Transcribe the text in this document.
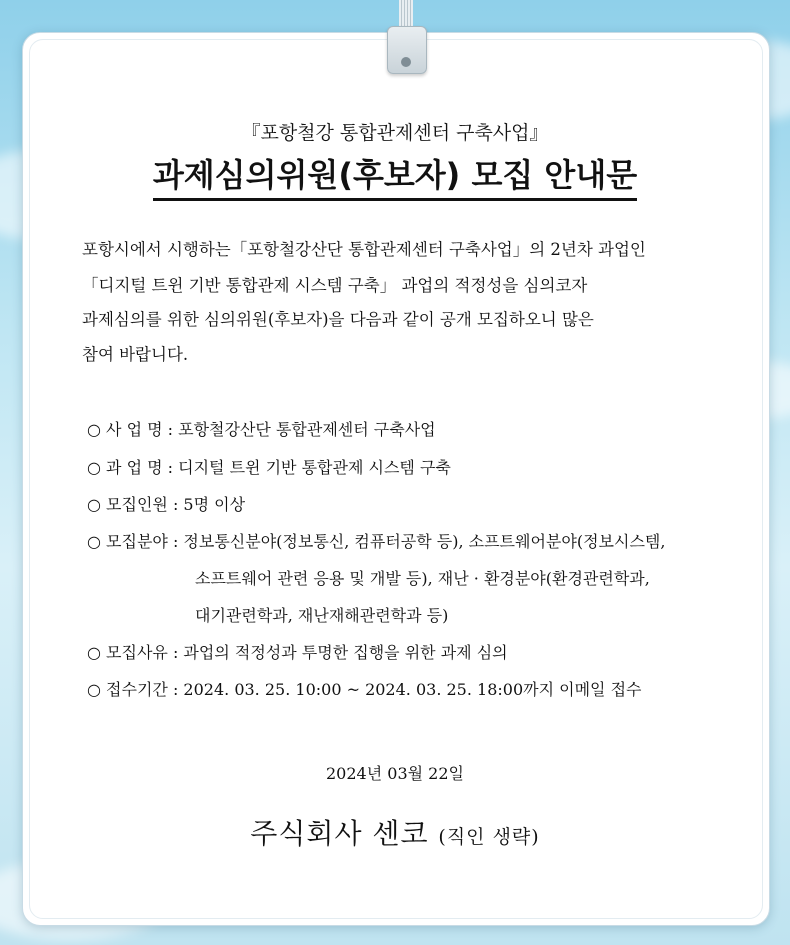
『포항철강 통합관제센터 구축사업』
과제심의위원(후보자) 모집 안내문
포항시에서 시행하는「포항철강산단 통합관제센터 구축사업」의 2년차 과업인
「디지털 트윈 기반 통합관제 시스템 구축」 과업의 적정성을 심의코자
과제심의를 위한 심의위원(후보자)을 다음과 같이 공개 모집하오니 많은
참여 바랍니다.
○ 사 업 명 : 포항철강산단 통합관제센터 구축사업
○ 과 업 명 : 디지털 트윈 기반 통합관제 시스템 구축
○ 모집인원 : 5명 이상
○ 모집분야 : 정보통신분야(정보통신, 컴퓨터공학 등), 소프트웨어분야(정보시스템,
소프트웨어 관련 응용 및 개발 등), 재난 · 환경분야(환경관련학과,
대기관련학과, 재난재해관련학과 등)
○ 모집사유 : 과업의 적정성과 투명한 집행을 위한 과제 심의
○ 접수기간 : 2024. 03. 25. 10:00 ~ 2024. 03. 25. 18:00까지 이메일 접수
2024년 03월 22일
주식회사 센코 (직인 생략)
